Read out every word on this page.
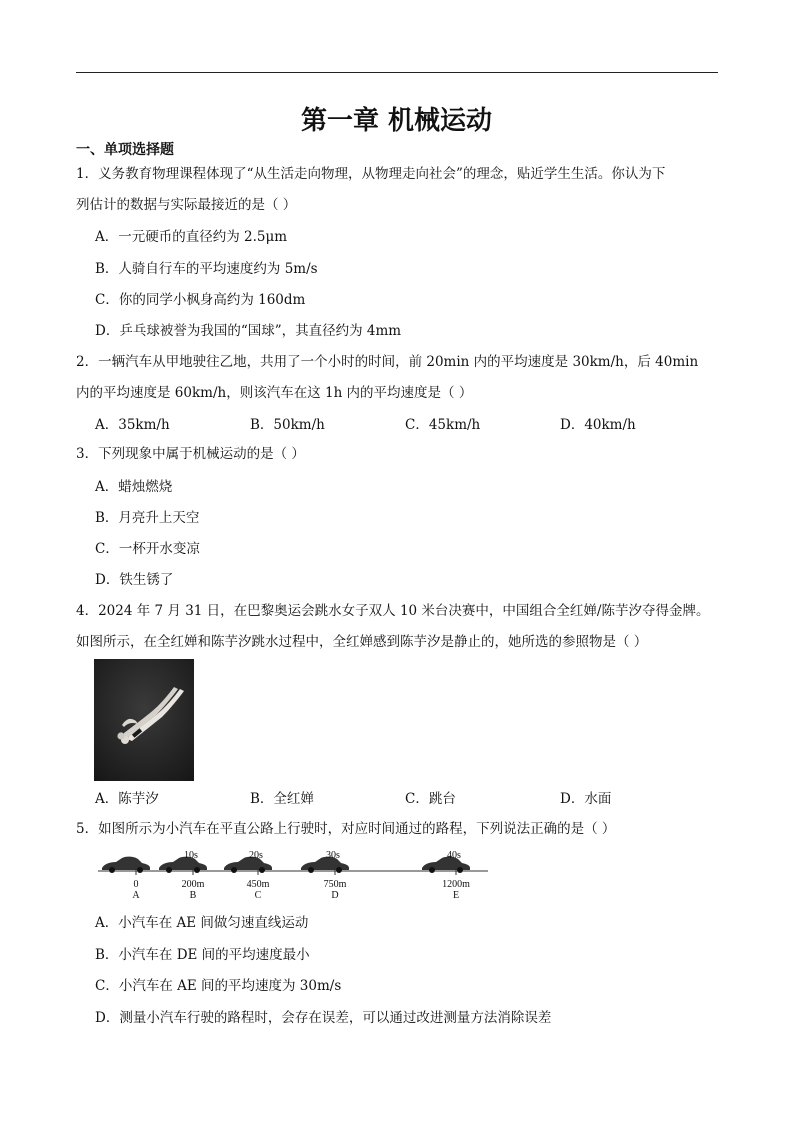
第一章 机械运动
一、单项选择题
1．义务教育物理课程体现了“从生活走向物理，从物理走向社会”的理念，贴近学生生活。你认为下
列估计的数据与实际最接近的是（ ）
A．一元硬币的直径约为 2.5μm
B．人骑自行车的平均速度约为 5m/s
C．你的同学小枫身高约为 160dm
D．乒乓球被誉为我国的“国球”，其直径约为 4mm
2．一辆汽车从甲地驶往乙地，共用了一个小时的时间，前 20min 内的平均速度是 30km/h，后 40min
内的平均速度是 60km/h，则该汽车在这 1h 内的平均速度是（ ）
A．35km/h	B．50km/h	C．45km/h	D．40km/h
3．下列现象中属于机械运动的是（ ）
A．蜡烛燃烧
B．月亮升上天空
C．一杯开水变凉
D．铁生锈了
4．2024 年 7 月 31 日，在巴黎奥运会跳水女子双人 10 米台决赛中，中国组合全红婵/陈芋汐夺得金牌。
如图所示，在全红婵和陈芋汐跳水过程中，全红婵感到陈芋汐是静止的，她所选的参照物是（ ）
A．陈芋汐	B．全红婵	C．跳台	D．水面
5．如图所示为小汽车在平直公路上行驶时，对应时间通过的路程，下列说法正确的是（ ）
0
A
10s
200m
B
20s
450m
C
30s
750m
D
40s
1200m
E
A．小汽车在 AE 间做匀速直线运动
B．小汽车在 DE 间的平均速度最小
C．小汽车在 AE 间的平均速度为 30m/s
D．测量小汽车行驶的路程时，会存在误差，可以通过改进测量方法消除误差
